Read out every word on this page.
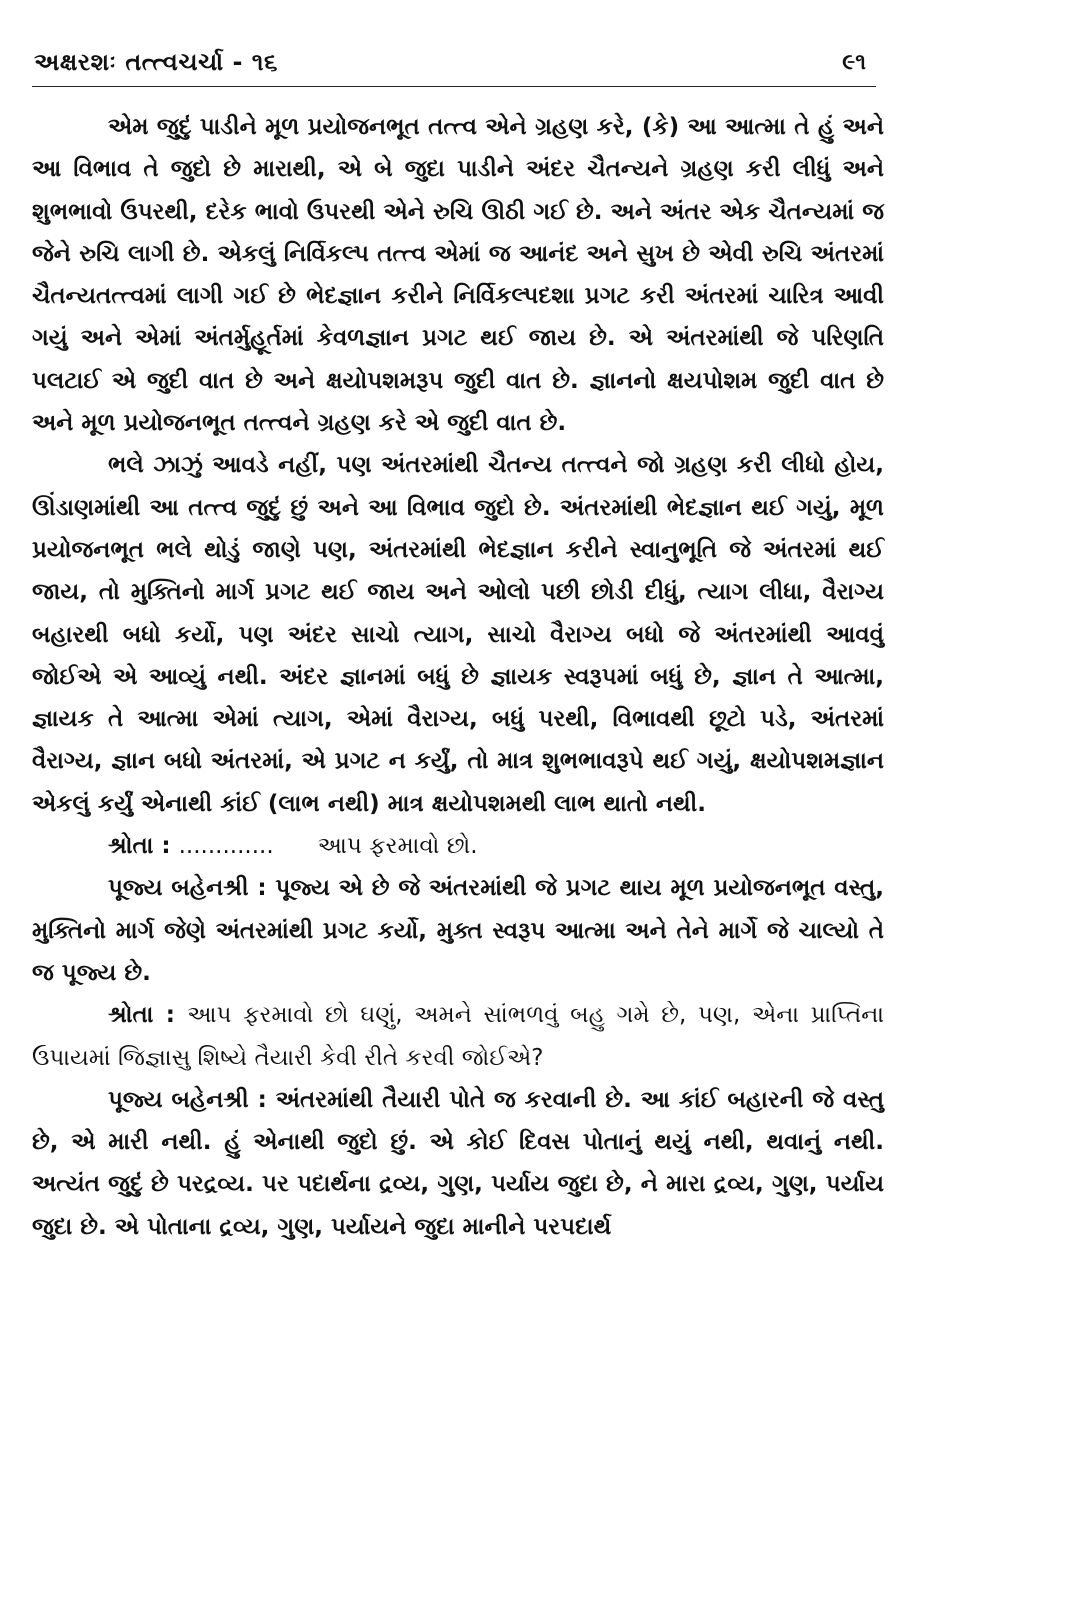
અક્ષરશઃ તત્ત્વચર્ચા - ૧૬	૯૧

એમ જુદું પાડીને મૂળ પ્રયોજનભૂત તત્ત્વ એને ગ્રહણ કરે, (કે) આ આત્મા તે હું અને આ વિભાવ તે જુદો છે મારાથી, એ બે જુદા પાડીને અંદર ચૈતન્યને ગ્રહણ કરી લીધું અને શુભભાવો ઉપરથી, દરેક ભાવો ઉપરથી એને રુચિ ઊઠી ગઈ છે. અને અંતર એક ચૈતન્યમાં જ જેને રુચિ લાગી છે. એકલું નિર્વિકલ્પ તત્ત્વ એમાં જ આનંદ અને સુખ છે એવી રુચિ અંતરમાં ચૈતન્યતત્ત્વમાં લાગી ગઈ છે ભેદજ્ઞાન કરીને નિર્વિકલ્પદશા પ્રગટ કરી અંતરમાં ચારિત્ર આવી ગયું અને એમાં અંતર્મુહૂર્તમાં કેવળજ્ઞાન પ્રગટ થઈ જાય છે. એ અંતરમાંથી જે પરિણતિ પલટાઈ એ જુદી વાત છે અને ક્ષયોપશમરૂપ જુદી વાત છે. જ્ઞાનનો ક્ષયપોશમ જુદી વાત છે અને મૂળ પ્રયોજનભૂત તત્ત્વને ગ્રહણ કરે એ જુદી વાત છે.

ભલે ઝાઝું આવડે નહીં, પણ અંતરમાંથી ચૈતન્ય તત્ત્વને જો ગ્રહણ કરી લીધો હોય, ઊંડાણમાંથી આ તત્ત્વ જુદું છું અને આ વિભાવ જુદો છે. અંતરમાંથી ભેદજ્ઞાન થઈ ગયું, મૂળ પ્રયોજનભૂત ભલે થોડું જાણે પણ, અંતરમાંથી ભેદજ્ઞાન કરીને સ્વાનુભૂતિ જે અંતરમાં થઈ જાય, તો મુક્તિનો માર્ગ પ્રગટ થઈ જાય અને ઓલો પછી છોડી દીધું, ત્યાગ લીધા, વૈરાગ્ય બહારથી બધો કર્યો, પણ અંદર સાચો ત્યાગ, સાચો વૈરાગ્ય બધો જે અંતરમાંથી આવવું જોઈએ એ આવ્યું નથી. અંદર જ્ઞાનમાં બધું છે જ્ઞાયક સ્વરૂપમાં બધું છે, જ્ઞાન તે આત્મા, જ્ઞાયક તે આત્મા એમાં ત્યાગ, એમાં વૈરાગ્ય, બધું પરથી, વિભાવથી છૂટો પડે, અંતરમાં વૈરાગ્ય, જ્ઞાન બધો અંતરમાં, એ પ્રગટ ન કર્યું, તો માત્ર શુભભાવરૂપે થઈ ગયું, ક્ષયોપશમજ્ઞાન એકલું કર્યું એનાથી કાંઈ (લાભ નથી) માત્ર ક્ષયોપશમથી લાભ થાતો નથી.

શ્રોતા : ............. આપ ફરમાવો છો.

પૂજ્ય બહેનશ્રી : પૂજ્ય એ છે જે અંતરમાંથી જે પ્રગટ થાય મૂળ પ્રયોજનભૂત વસ્તુ, મુક્તિનો માર્ગ જેણે અંતરમાંથી પ્રગટ કર્યો, મુક્ત સ્વરૂપ આત્મા અને તેને માર્ગે જે ચાલ્યો તે જ પૂજ્ય છે.

શ્રોતા : આપ ફરમાવો છો ઘણું, અમને સાંભળવું બહુ ગમે છે, પણ, એના પ્રાપ્તિના ઉપાયમાં જિજ્ઞાસુ શિષ્યે તૈયારી કેવી રીતે કરવી જોઈએ?

પૂજ્ય બહેનશ્રી : અંતરમાંથી તૈયારી પોતે જ કરવાની છે. આ કાંઈ બહારની જે વસ્તુ છે, એ મારી નથી. હું એનાથી જુદો છું. એ કોઈ દિવસ પોતાનું થયું નથી, થવાનું નથી. અત્યંત જુદું છે પરદ્રવ્ય. પર પદાર્થના દ્રવ્ય, ગુણ, પર્યાય જુદા છે, ને મારા દ્રવ્ય, ગુણ, પર્યાય જુદા છે. એ પોતાના દ્રવ્ય, ગુણ, પર્યાયને જુદા માનીને પરપદાર્થ
